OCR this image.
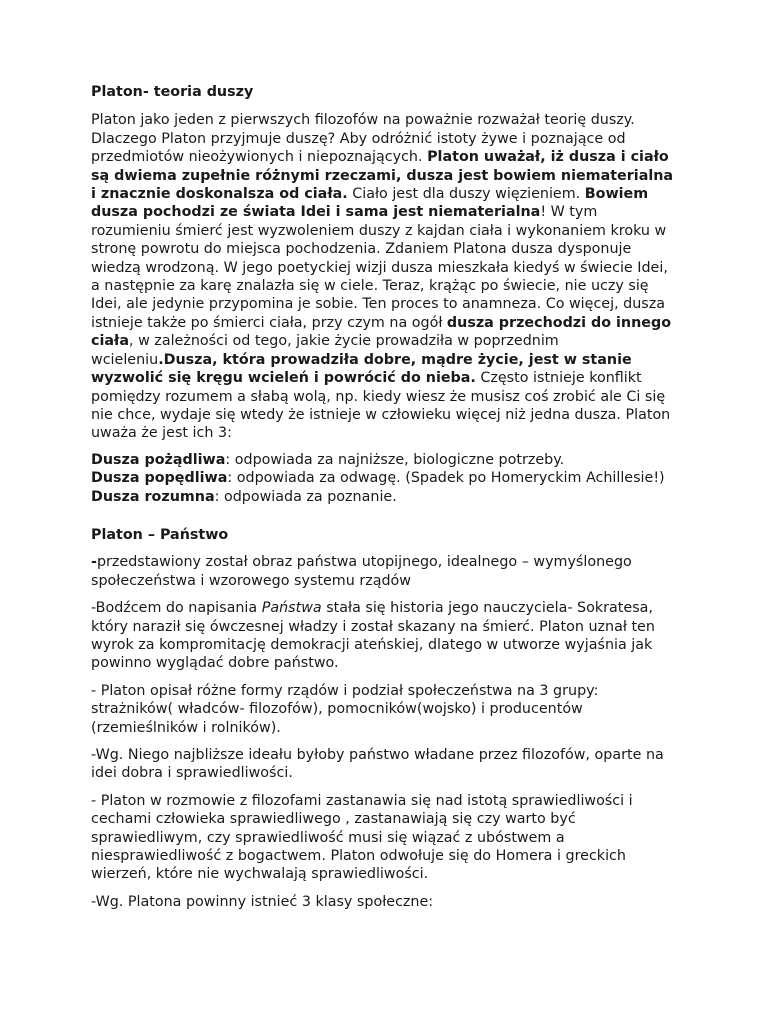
Platon- teoria duszy

Platon jako jeden z pierwszych filozofów na poważnie rozważał teorię duszy. Dlaczego Platon przyjmuje duszę? Aby odróżnić istoty żywe i poznające od przedmiotów nieożywionych i niepoznających. Platon uważał, iż dusza i ciało są dwiema zupełnie różnymi rzeczami, dusza jest bowiem niematerialna i znacznie doskonalsza od ciała. Ciało jest dla duszy więzieniem. Bowiem dusza pochodzi ze świata Idei i sama jest niematerialna! W tym rozumieniu śmierć jest wyzwoleniem duszy z kajdan ciała i wykonaniem kroku w stronę powrotu do miejsca pochodzenia. Zdaniem Platona dusza dysponuje wiedzą wrodzoną. W jego poetyckiej wizji dusza mieszkała kiedyś w świecie Idei, a następnie za karę znalazła się w ciele. Teraz, krążąc po świecie, nie uczy się Idei, ale jedynie przypomina je sobie. Ten proces to anamneza. Co więcej, dusza istnieje także po śmierci ciała, przy czym na ogół dusza przechodzi do innego ciała, w zależności od tego, jakie życie prowadziła w poprzednim wcieleniu.Dusza, która prowadziła dobre, mądre życie, jest w stanie wyzwolić się kręgu wcieleń i powrócić do nieba. Często istnieje konflikt pomiędzy rozumem a słabą wolą, np. kiedy wiesz że musisz coś zrobić ale Ci się nie chce, wydaje się wtedy że istnieje w człowieku więcej niż jedna dusza. Platon uważa że jest ich 3:

Dusza pożądliwa: odpowiada za najniższe, biologiczne potrzeby.
Dusza popędliwa: odpowiada za odwagę. (Spadek po Homeryckim Achillesie!)
Dusza rozumna: odpowiada za poznanie.
Platon – Państwo

-przedstawiony został obraz państwa utopijnego, idealnego – wymyślonego społeczeństwa i wzorowego systemu rządów

-Bodźcem do napisania Państwa stała się historia jego nauczyciela- Sokratesa, który naraził się ówczesnej władzy i został skazany na śmierć. Platon uznał ten wyrok za kompromitację demokracji ateńskiej, dlatego w utworze wyjaśnia jak powinno wyglądać dobre państwo.

- Platon opisał różne formy rządów i podział społeczeństwa na 3 grupy: strażników( władców- filozofów), pomocników(wojsko) i producentów (rzemieślników i rolników).

-Wg. Niego najbliższe ideału byłoby państwo władane przez filozofów, oparte na idei dobra i sprawiedliwości.

- Platon w rozmowie z filozofami zastanawia się nad istotą sprawiedliwości i cechami człowieka sprawiedliwego , zastanawiają się czy warto być sprawiedliwym, czy sprawiedliwość musi się wiązać z ubóstwem a niesprawiedliwość z bogactwem. Platon odwołuje się do Homera i greckich wierzeń, które nie wychwalają sprawiedliwości.

-Wg. Platona powinny istnieć 3 klasy społeczne:
